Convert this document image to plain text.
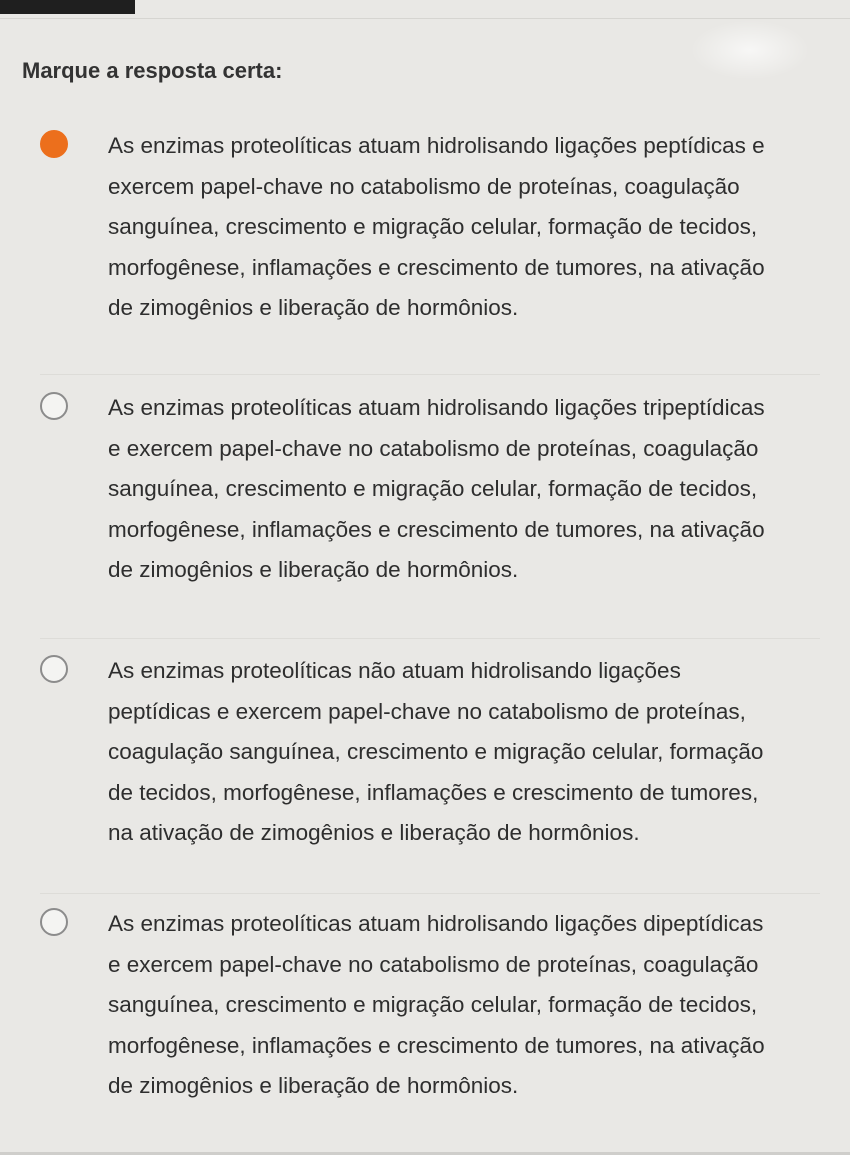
Marque a resposta certa:
As enzimas proteolíticas atuam hidrolisando ligações peptídicas e exercem papel-chave no catabolismo de proteínas, coagulação sanguínea, crescimento e migração celular, formação de tecidos, morfogênese, inflamações e crescimento de tumores, na ativação de zimogênios e liberação de hormônios.
As enzimas proteolíticas atuam hidrolisando ligações tripeptídicas e exercem papel-chave no catabolismo de proteínas, coagulação sanguínea, crescimento e migração celular, formação de tecidos, morfogênese, inflamações e crescimento de tumores, na ativação de zimogênios e liberação de hormônios.
As enzimas proteolíticas não atuam hidrolisando ligações peptídicas e exercem papel-chave no catabolismo de proteínas, coagulação sanguínea, crescimento e migração celular, formação de tecidos, morfogênese, inflamações e crescimento de tumores, na ativação de zimogênios e liberação de hormônios.
As enzimas proteolíticas atuam hidrolisando ligações dipeptídicas e exercem papel-chave no catabolismo de proteínas, coagulação sanguínea, crescimento e migração celular, formação de tecidos, morfogênese, inflamações e crescimento de tumores, na ativação de zimogênios e liberação de hormônios.
